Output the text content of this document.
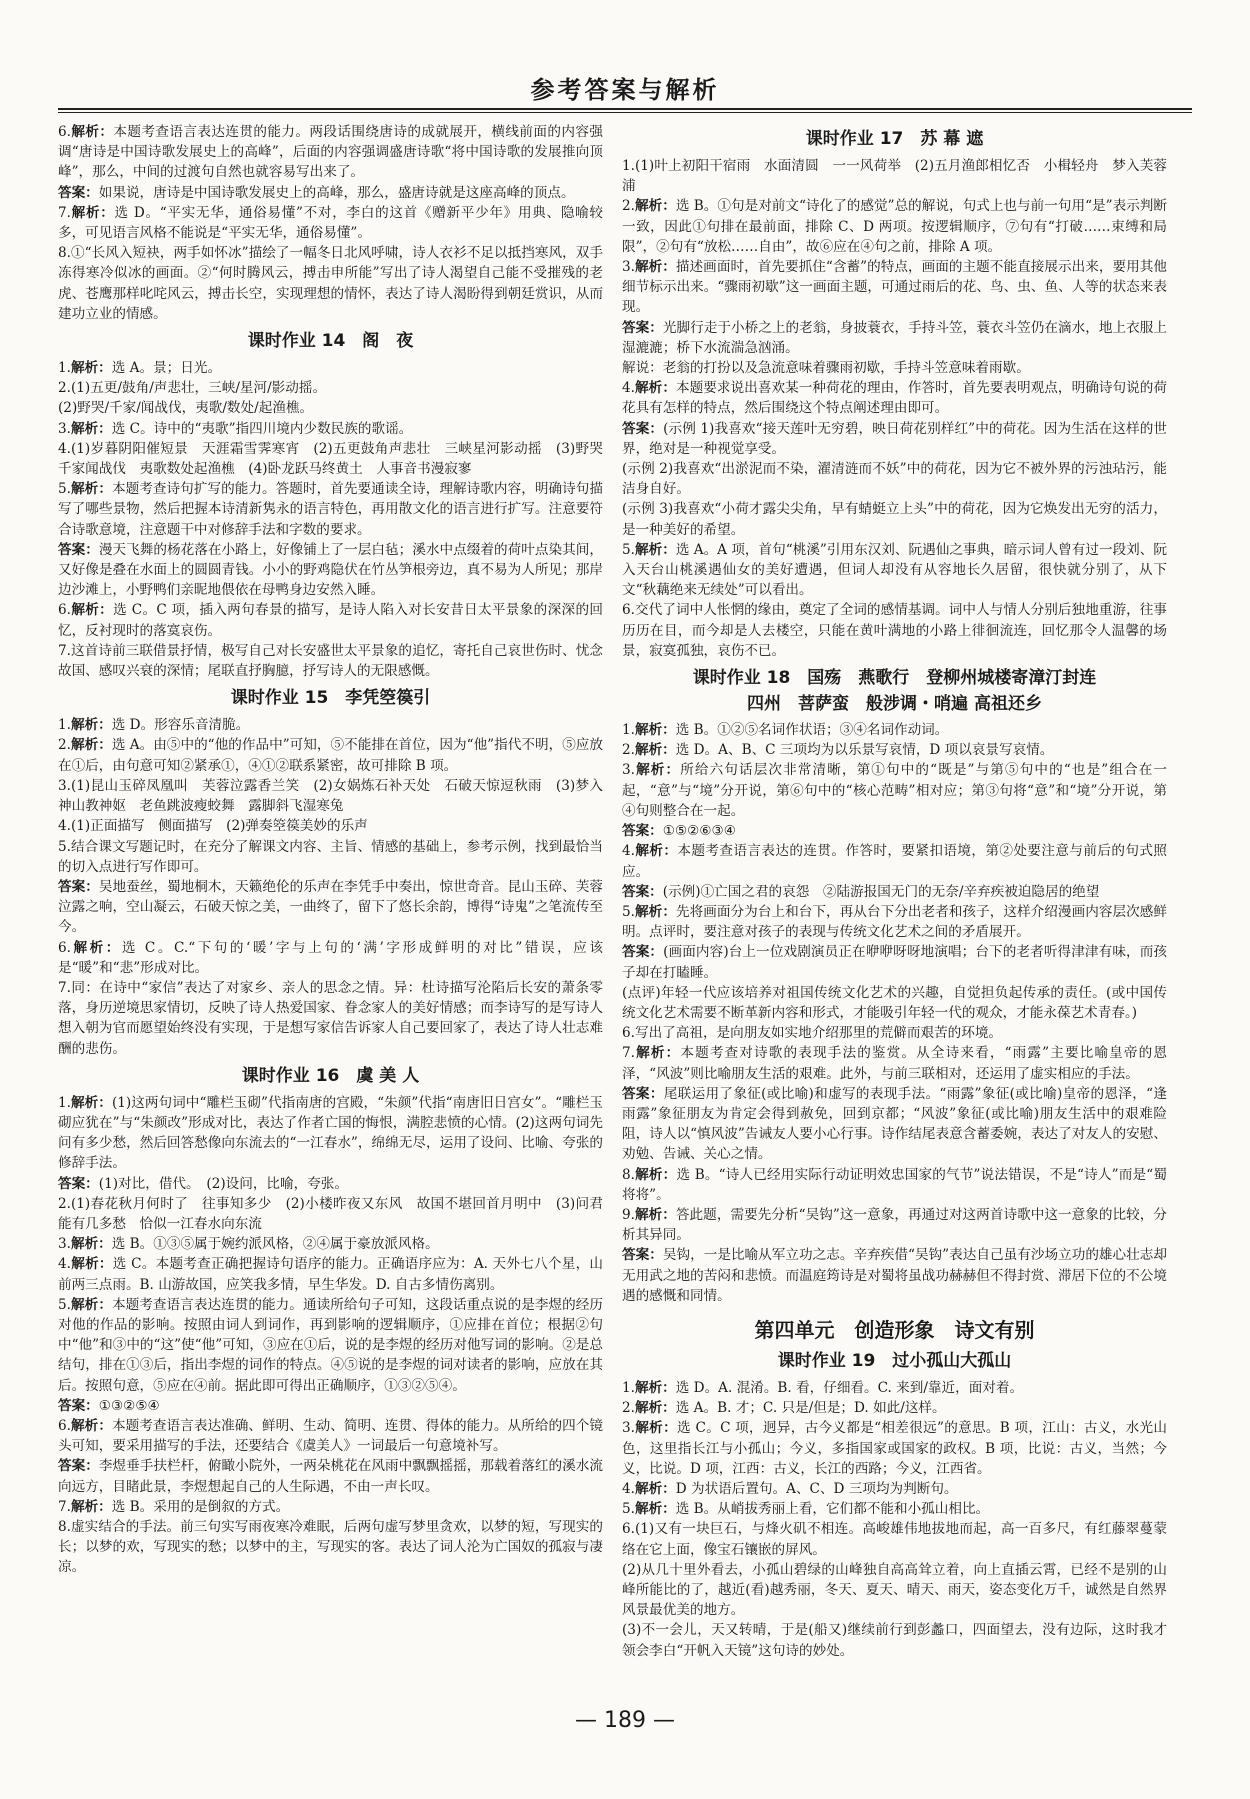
参考答案与解析

6.解析：本题考查语言表达连贯的能力。两段话围绕唐诗的成就展开，横线前面的内容强调“唐诗是中国诗歌发展史上的高峰”，后面的内容强调盛唐诗歌“将中国诗歌的发展推向顶峰”，那么，中间的过渡句自然也就容易写出来了。

答案：如果说，唐诗是中国诗歌发展史上的高峰，那么，盛唐诗就是这座高峰的顶点。

7.解析：选 D。“平实无华，通俗易懂”不对，李白的这首《赠新平少年》用典、隐喻较多，可见语言风格不能说是“平实无华，通俗易懂”。

8.①“长风入短袂，两手如怀冰”描绘了一幅冬日北风呼啸，诗人衣衫不足以抵挡寒风，双手冻得寒冷似冰的画面。②“何时腾风云，搏击申所能”写出了诗人渴望自己能不受摧残的老虎、苍鹰那样叱咤风云，搏击长空，实现理想的情怀，表达了诗人渴盼得到朝廷赏识，从而建功立业的情感。

课时作业 14　阁　夜

1.解析：选 A。景；日光。

2.(1)五更/鼓角/声悲壮，三峡/星河/影动摇。

(2)野哭/千家/闻战伐，夷歌/数处/起渔樵。

3.解析：选 C。诗中的“夷歌”指四川境内少数民族的歌谣。

4.(1)岁暮阴阳催短景　天涯霜雪霁寒宵　(2)五更鼓角声悲壮　三峡星河影动摇　(3)野哭千家闻战伐　夷歌数处起渔樵　(4)卧龙跃马终黄土　人事音书漫寂寥

5.解析：本题考查诗句扩写的能力。答题时，首先要通读全诗，理解诗歌内容，明确诗句描写了哪些景物，然后把握本诗清新隽永的语言特色，再用散文化的语言进行扩写。注意要符合诗歌意境，注意题干中对修辞手法和字数的要求。

答案：漫天飞舞的杨花落在小路上，好像铺上了一层白毡；溪水中点缀着的荷叶点染其间，又好像是叠在水面上的圆圆青钱。小小的野鸡隐伏在竹丛笋根旁边，真不易为人所见；那岸边沙滩上，小野鸭们亲昵地偎依在母鸭身边安然入睡。

6.解析：选 C。C 项，插入两句春景的描写，是诗人陷入对长安昔日太平景象的深深的回忆，反衬现时的落寞哀伤。

7.这首诗前三联借景抒情，极写自己对长安盛世太平景象的追忆，寄托自己哀世伤时、忧念故国、感叹兴衰的深情；尾联直抒胸臆，抒写诗人的无限感慨。

课时作业 15　李凭箜篌引

1.解析：选 D。形容乐音清脆。

2.解析：选 A。由⑤中的“他的作品中”可知，⑤不能排在首位，因为“他”指代不明，⑤应放在①后，由句意可知②紧承①，④①②联系紧密，故可排除 B 项。

3.(1)昆山玉碎凤凰叫　芙蓉泣露香兰笑　(2)女娲炼石补天处　石破天惊逗秋雨　(3)梦入神山教神妪　老鱼跳波瘦蛟舞　露脚斜飞湿寒兔

4.(1)正面描写　侧面描写　(2)弹奏箜篌美妙的乐声

5.结合课文写题记时，在充分了解课文内容、主旨、情感的基础上，参考示例，找到最恰当的切入点进行写作即可。

答案：吴地蚕丝，蜀地桐木，天籁绝伦的乐声在李凭手中奏出，惊世奇音。昆山玉碎、芙蓉泣露之响，空山凝云，石破天惊之美，一曲终了，留下了悠长余韵，博得“诗鬼”之笔流传至今。

6.解析：选 C。C.“下句的‘暖’字与上句的‘满’字形成鲜明的对比”错误，应该是“暖”和“悲”形成对比。

7.同：在诗中“家信”表达了对家乡、亲人的思念之情。异：杜诗描写沦陷后长安的萧条零落，身历逆境思家情切，反映了诗人热爱国家、眷念家人的美好情感；而李诗写的是写诗人想入朝为官而愿望始终没有实现，于是想写家信告诉家人自己要回家了，表达了诗人壮志难酬的悲伤。

课时作业 16　虞 美 人

1.解析：(1)这两句词中“雕栏玉砌”代指南唐的宫殿，“朱颜”代指“南唐旧日宫女”。“雕栏玉砌应犹在”与“朱颜改”形成对比，表达了作者亡国的悔恨，满腔悲愤的心情。(2)这两句词先问有多少愁，然后回答愁像向东流去的“一江春水”，绵绵无尽，运用了设问、比喻、夸张的修辞手法。

答案：(1)对比，借代。　(2)设问，比喻，夸张。

2.(1)春花秋月何时了　往事知多少　(2)小楼昨夜又东风　故国不堪回首月明中　(3)问君能有几多愁　恰似一江春水向东流

3.解析：选 B。①③⑤属于婉约派风格，②④属于豪放派风格。

4.解析：选 C。本题考查正确把握诗句语序的能力。正确语序应为：A. 天外七八个星，山前两三点雨。B. 山游故国，应笑我多情，早生华发。D. 自古多情伤离别。

5.解析：本题考查语言表达连贯的能力。通读所给句子可知，这段话重点说的是李煜的经历对他的作品的影响。按照由词人到词作，再到影响的逻辑顺序，①应排在首位；根据②句中“他”和③中的“这”使“他”可知，③应在①后，说的是李煜的经历对他写词的影响。②是总结句，排在①③后，指出李煜的词作的特点。④⑤说的是李煜的词对读者的影响，应放在其后。按照句意，⑤应在④前。据此即可得出正确顺序，①③②⑤④。

答案：①③②⑤④

6.解析：本题考查语言表达准确、鲜明、生动、简明、连贯、得体的能力。从所给的四个镜头可知，要采用描写的手法，还要结合《虞美人》一词最后一句意境补写。

答案：李煜垂手扶栏杆，俯瞰小院外，一两朵桃花在风雨中飘飘摇摇，那载着落红的溪水流向远方，目睹此景，李煜想起自己的人生际遇，不由一声长叹。

7.解析：选 B。采用的是倒叙的方式。

8.虚实结合的手法。前三句实写雨夜寒冷难眠，后两句虚写梦里贪欢，以梦的短，写现实的长；以梦的欢，写现实的愁；以梦中的主，写现实的客。表达了词人沦为亡国奴的孤寂与凄凉。

课时作业 17　苏 幕 遮

1.(1)叶上初阳干宿雨　水面清圆　一一风荷举　(2)五月渔郎相忆否　小楫轻舟　梦入芙蓉浦

2.解析：选 B。①句是对前文“诗化了的感觉”总的解说，句式上也与前一句用“是”表示判断一致，因此①句排在最前面，排除 C、D 两项。按逻辑顺序，⑦句有“打破……束缚和局限”，②句有“放松……自由”，故⑥应在④句之前，排除 A 项。

3.解析：描述画面时，首先要抓住“含蓄”的特点，画面的主题不能直接展示出来，要用其他细节标示出来。“骤雨初歇”这一画面主题，可通过雨后的花、鸟、虫、鱼、人等的状态来表现。

答案：光脚行走于小桥之上的老翁，身披蓑衣，手持斗笠，蓑衣斗笠仍在滴水，地上衣服上湿漉漉；桥下水流湍急汹涌。

解说：老翁的打扮以及急流意味着骤雨初歇，手持斗笠意味着雨歇。

4.解析：本题要求说出喜欢某一种荷花的理由，作答时，首先要表明观点，明确诗句说的荷花具有怎样的特点，然后围绕这个特点阐述理由即可。

答案：(示例 1)我喜欢“接天莲叶无穷碧，映日荷花别样红”中的荷花。因为生活在这样的世界，绝对是一种视觉享受。

(示例 2)我喜欢“出淤泥而不染，濯清涟而不妖”中的荷花，因为它不被外界的污浊玷污，能洁身自好。

(示例 3)我喜欢“小荷才露尖尖角，早有蜻蜓立上头”中的荷花，因为它焕发出无穷的活力，是一种美好的希望。

5.解析：选 A。A 项，首句“桃溪”引用东汉刘、阮遇仙之事典，暗示词人曾有过一段刘、阮入天台山桃溪遇仙女的美好遭遇，但词人却没有从容地长久居留，很快就分别了，从下文“秋藕绝来无续处”可以看出。

6.交代了词中人怅惘的缘由，奠定了全词的感情基调。词中人与情人分别后独地重游，往事历历在目，而今却是人去楼空，只能在黄叶满地的小路上徘徊流连，回忆那令人温馨的场景，寂寞孤独，哀伤不已。

课时作业 18　国殇　燕歌行　登柳州城楼寄漳汀封连
四州　菩萨蛮　般涉调・哨遍 高祖还乡

1.解析：选 B。①②⑤名词作状语；③④名词作动词。

2.解析：选 D。A、B、C 三项均为以乐景写哀情，D 项以哀景写哀情。

3.解析：所给六句话层次非常清晰，第①句中的“既是”与第⑤句中的“也是”组合在一起，“意”与“境”分开说，第⑥句中的“核心范畴”相对应；第③句将“意”和“境”分开说，第④句则整合在一起。

答案：①⑤②⑥③④

4.解析：本题考查语言表达的连贯。作答时，要紧扣语境，第②处要注意与前后的句式照应。

答案：(示例)①亡国之君的哀怨　②陆游报国无门的无奈/辛弃疾被迫隐居的绝望

5.解析：先将画面分为台上和台下，再从台下分出老者和孩子，这样介绍漫画内容层次感鲜明。点评时，要注意对孩子的表现与传统文化艺术之间的矛盾展开。

答案：(画面内容)台上一位戏剧演员正在咿咿呀呀地演唱；台下的老者听得津津有味，而孩子却在打瞌睡。

(点评)年轻一代应该培养对祖国传统文化艺术的兴趣，自觉担负起传承的责任。(或中国传统文化艺术需要不断革新内容和形式，才能吸引年轻一代的观众，才能永葆艺术青春。)

6.写出了高祖，是向朋友如实地介绍那里的荒僻而艰苦的环境。

7.解析：本题考查对诗歌的表现手法的鉴赏。从全诗来看，“雨露”主要比喻皇帝的恩泽，“风波”则比喻朋友生活的艰难。此外，与前三联相对，还运用了虚实相应的手法。

答案：尾联运用了象征(或比喻)和虚写的表现手法。“雨露”象征(或比喻)皇帝的恩泽，“逢雨露”象征朋友为肯定会得到赦免，回到京都；“风波”象征(或比喻)朋友生活中的艰难险阻，诗人以“慎风波”告诫友人要小心行事。诗作结尾表意含蓄委婉，表达了对友人的安慰、劝勉、告诫、关心之情。

8.解析：选 B。“诗人已经用实际行动证明效忠国家的气节”说法错误，不是“诗人”而是“蜀将将”。

9.解析：答此题，需要先分析“吴钩”这一意象，再通过对这两首诗歌中这一意象的比较，分析其异同。

答案：吴钩，一是比喻从军立功之志。辛弃疾借“吴钩”表达自己虽有沙场立功的雄心壮志却无用武之地的苦闷和悲愤。而温庭筠诗是对蜀将虽战功赫赫但不得封赏、滞居下位的不公境遇的感慨和同情。

第四单元　创造形象　诗文有别
课时作业 19　过小孤山大孤山

1.解析：选 D。A. 混淆。B. 看，仔细看。C. 来到/靠近，面对着。

2.解析：选 A。B. 才；C. 只是/但是；D. 如此/这样。

3.解析：选 C。C 项，迥异，古今义都是“相差很远”的意思。B 项，江山：古义，水光山色，这里指长江与小孤山；今义，多指国家或国家的政权。B 项，比说：古义，当然；今义，比说。D 项，江西：古义，长江的西路；今义，江西省。

4.解析：D 为状语后置句。A、C、D 三项均为判断句。

5.解析：选 B。从峭拔秀丽上看，它们都不能和小孤山相比。

6.(1)又有一块巨石，与烽火矶不相连。高峻雄伟地拔地而起，高一百多尺，有红藤翠蔓蒙络在它上面，像宝石镶嵌的屏风。

(2)从几十里外看去，小孤山碧绿的山峰独自高高耸立着，向上直插云霄，已经不是别的山峰所能比的了，越近(看)越秀丽，冬天、夏天、晴天、雨天，姿态变化万千，诚然是自然界风景最优美的地方。

(3)不一会儿，天又转晴，于是(船又)继续前行到彭蠡口，四面望去，没有边际，这时我才领会李白“开帆入天镜”这句诗的妙处。

— 189 —
